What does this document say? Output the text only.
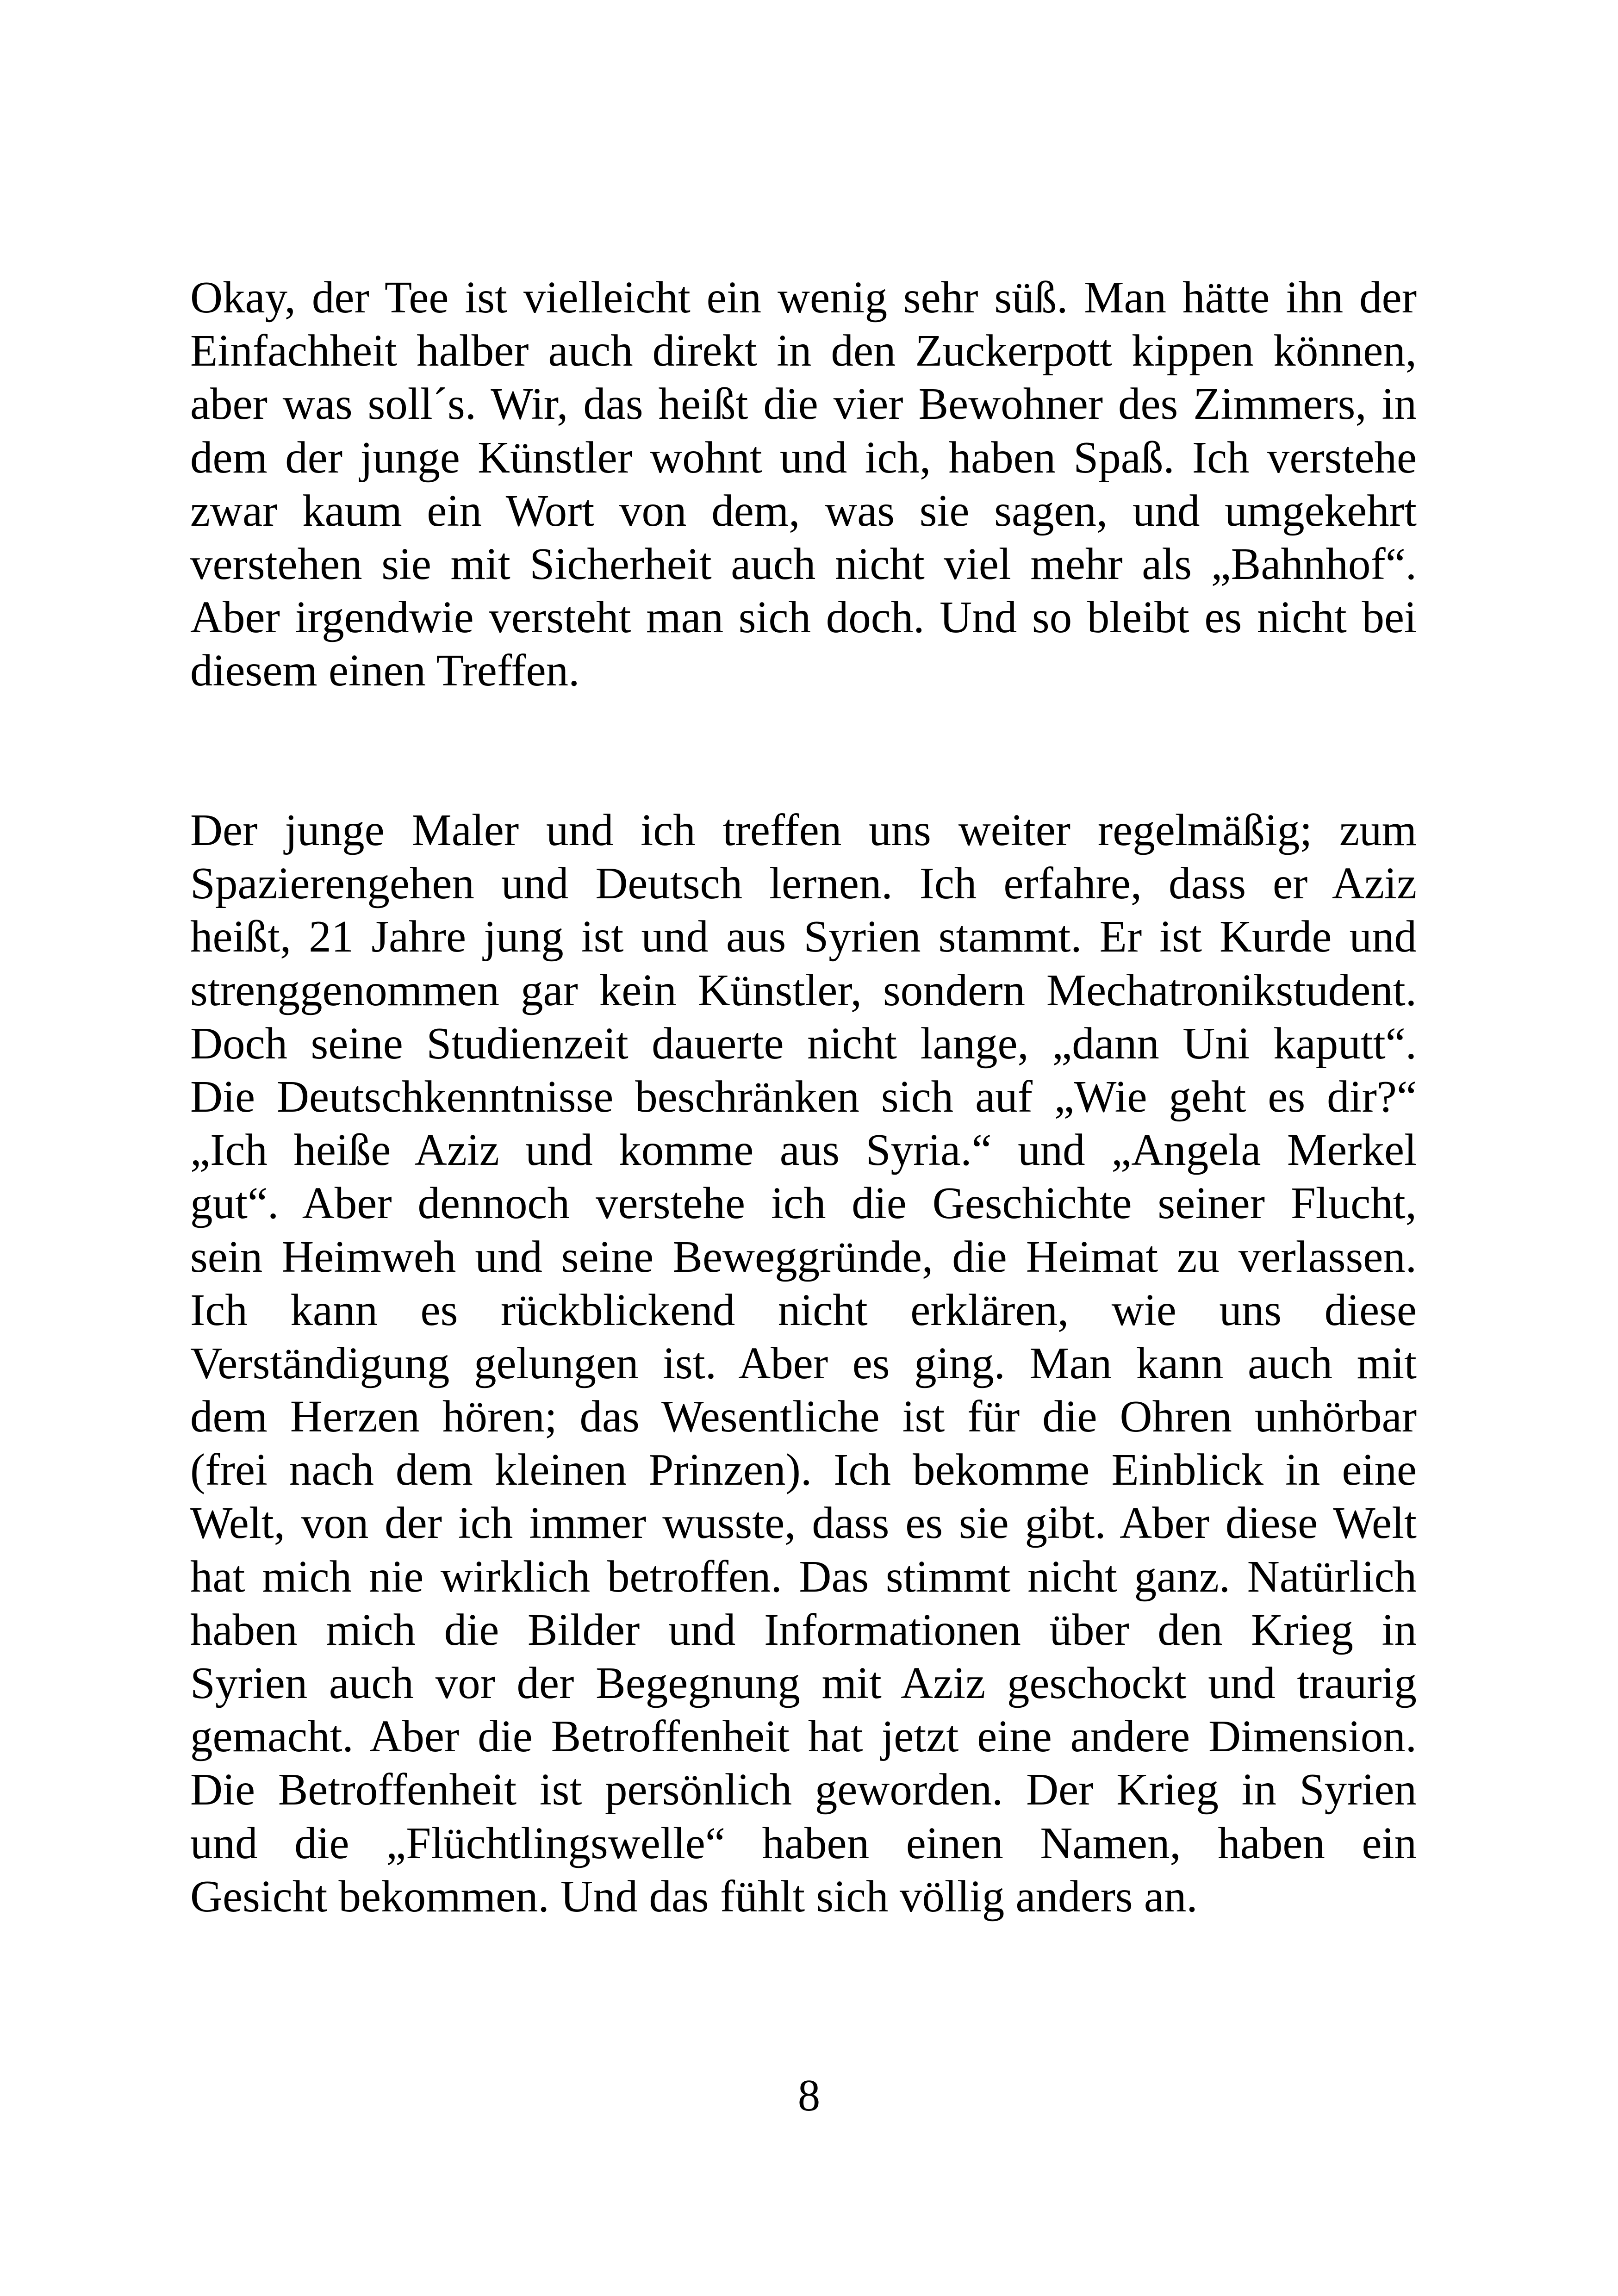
Okay, der Tee ist vielleicht ein wenig sehr süß. Man hätte ihn der
Einfachheit halber auch direkt in den Zuckerpott kippen können,
aber was soll´s. Wir, das heißt die vier Bewohner des Zimmers, in
dem der junge Künstler wohnt und ich, haben Spaß. Ich verstehe
zwar kaum ein Wort von dem, was sie sagen, und umgekehrt
verstehen sie mit Sicherheit auch nicht viel mehr als „Bahnhof“.
Aber irgendwie versteht man sich doch. Und so bleibt es nicht bei
diesem einen Treffen.
Der junge Maler und ich treffen uns weiter regelmäßig; zum
Spazierengehen und Deutsch lernen. Ich erfahre, dass er Aziz
heißt, 21 Jahre jung ist und aus Syrien stammt. Er ist Kurde und
strenggenommen gar kein Künstler, sondern Mechatronikstudent.
Doch seine Studienzeit dauerte nicht lange, „dann Uni kaputt“.
Die Deutschkenntnisse beschränken sich auf „Wie geht es dir?“
„Ich heiße Aziz und komme aus Syria.“ und „Angela Merkel
gut“. Aber dennoch verstehe ich die Geschichte seiner Flucht,
sein Heimweh und seine Beweggründe, die Heimat zu verlassen.
Ich kann es rückblickend nicht erklären, wie uns diese
Verständigung gelungen ist. Aber es ging. Man kann auch mit
dem Herzen hören; das Wesentliche ist für die Ohren unhörbar
(frei nach dem kleinen Prinzen). Ich bekomme Einblick in eine
Welt, von der ich immer wusste, dass es sie gibt. Aber diese Welt
hat mich nie wirklich betroffen. Das stimmt nicht ganz. Natürlich
haben mich die Bilder und Informationen über den Krieg in
Syrien auch vor der Begegnung mit Aziz geschockt und traurig
gemacht. Aber die Betroffenheit hat jetzt eine andere Dimension.
Die Betroffenheit ist persönlich geworden. Der Krieg in Syrien
und die „Flüchtlingswelle“ haben einen Namen, haben ein
Gesicht bekommen. Und das fühlt sich völlig anders an.
8
